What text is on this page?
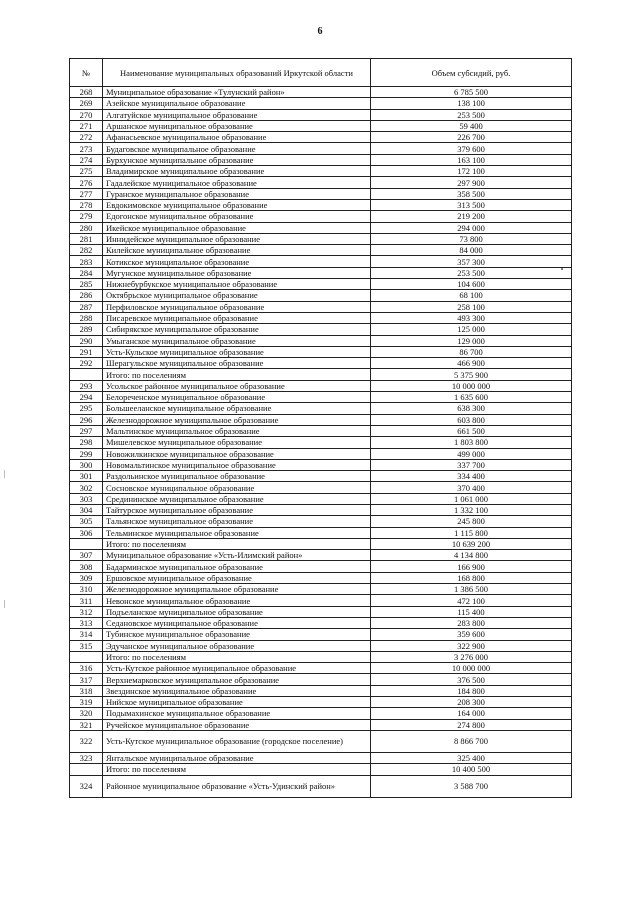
6
№	Наименование муниципальных образований Иркутской области	Объем субсидий, руб.
268	Муниципальное образование «Тулунский район»	6 785 500
269	Азейское муниципальное образование	138 100
270	Алгатуйское муниципальное образование	253 500
271	Аршанское муниципальное образование	59 400
272	Афанасьевское муниципальное образование	226 700
273	Будаговское муниципальное образование	379 600
274	Бурхунское муниципальное образование	163 100
275	Владимирское муниципальное образование	172 100
276	Гадалейское муниципальное образование	297 900
277	Гуранское муниципальное образование	358 500
278	Евдокимовское муниципальное образование	313 500
279	Едогонское муниципальное образование	219 200
280	Икейское муниципальное образование	294 000
281	Иннидейское муниципальное образование	73 800
282	Килейское муниципальное образование	84 000
283	Котикское муниципальное образование	357 300
284	Мугунское муниципальное образование	253 500
285	Нижнебурбукское муниципальное образование	104 600
286	Октябрьское муниципальное образование	68 100
287	Перфиловское муниципальное образование	258 100
288	Писаревское муниципальное образование	493 300
289	Сибирякское муниципальное образование	125 000
290	Умыганское муниципальное образование	129 000
291	Усть-Кульское муниципальное образование	86 700
292	Шерагульское муниципальное образование	466 900
	Итого: по поселениям	5 375 900
293	Усольское районное муниципальное образование	10 000 000
294	Белореченское муниципальное образование	1 635 600
295	Большееланское муниципальное образование	638 300
296	Железнодорожное муниципальное образование	603 800
297	Мальтинское муниципальное образование	661 500
298	Мишелевское муниципальное образование	1 803 800
299	Новожилкинское муниципальное образование	499 000
300	Новомальтинское муниципальное образование	337 700
301	Раздольинское муниципальное образование	334 400
302	Сосновское муниципальное образование	370 400
303	Средининское муниципальное образование	1 061 000
304	Тайтурское муниципальное образование	1 332 100
305	Тальянское муниципальное образование	245 800
306	Тельминское муниципальное образование	1 115 800
	Итого: по поселениям	10 639 200
307	Муниципальное образование «Усть-Илимский район»	4 134 800
308	Бадарминское муниципальное образование	166 900
309	Ершовское муниципальное образование	168 800
310	Железнодорожное муниципальное образование	1 386 500
311	Невонское муниципальное образование	472 100
312	Подъеланское муниципальное образование	115 400
313	Седановское муниципальное образование	283 800
314	Тубинское муниципальное образование	359 600
315	Эдучанское муниципальное образование	322 900
	Итого: по поселениям	3 276 000
316	Усть-Кутское районное муниципальное образование	10 000 000
317	Верхнемарковское муниципальное образование	376 500
318	Звездинское муниципальное образование	184 800
319	Нийское муниципальное образование	208 300
320	Подымахинское муниципальное образование	164 000
321	Ручейское муниципальное образование	274 800
322	Усть-Кутское муниципальное образование (городское поселение)	8 866 700
323	Янтальское муниципальное образование	325 400
	Итого: по поселениям	10 400 500
324	Районное муниципальное образование «Усть-Удинский район»	3 588 700
